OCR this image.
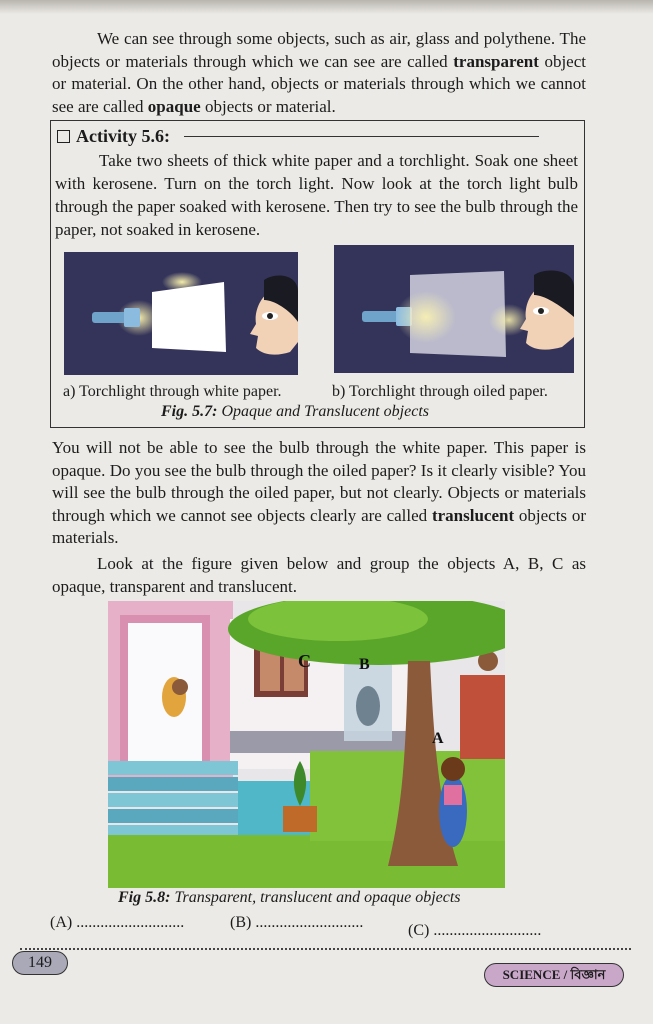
We can see through some objects, such as air, glass and polythene. The objects or materials through which we can see are called transparent object or material. On the other hand, objects or materials through which we cannot see are called opaque objects or material.

Activity 5.6:

Take two sheets of thick white paper and a torchlight. Soak one sheet with kerosene. Turn on the torch light. Now look at the torch light bulb through the paper soaked with kerosene. Then try to see the bulb through the paper, not soaked in kerosene.

a) Torchlight through white paper.	b) Torchlight through oiled paper.
Fig. 5.7: Opaque and Translucent objects

You will not be able to see the bulb through the white paper. This paper is opaque. Do you see the bulb through the oiled paper? Is it clearly visible? You will see the bulb through the oiled paper, but not clearly. Objects or materials through which we cannot see objects clearly are called translucent objects or materials.

Look at the figure given below and group the objects A, B, C as opaque, transparent and translucent.

C	B
A
Fig 5.8: Transparent, translucent and opaque objects
(A) ...........................	(B) ...........................	(C) ...........................
149
SCIENCE / বিজ্ঞান
